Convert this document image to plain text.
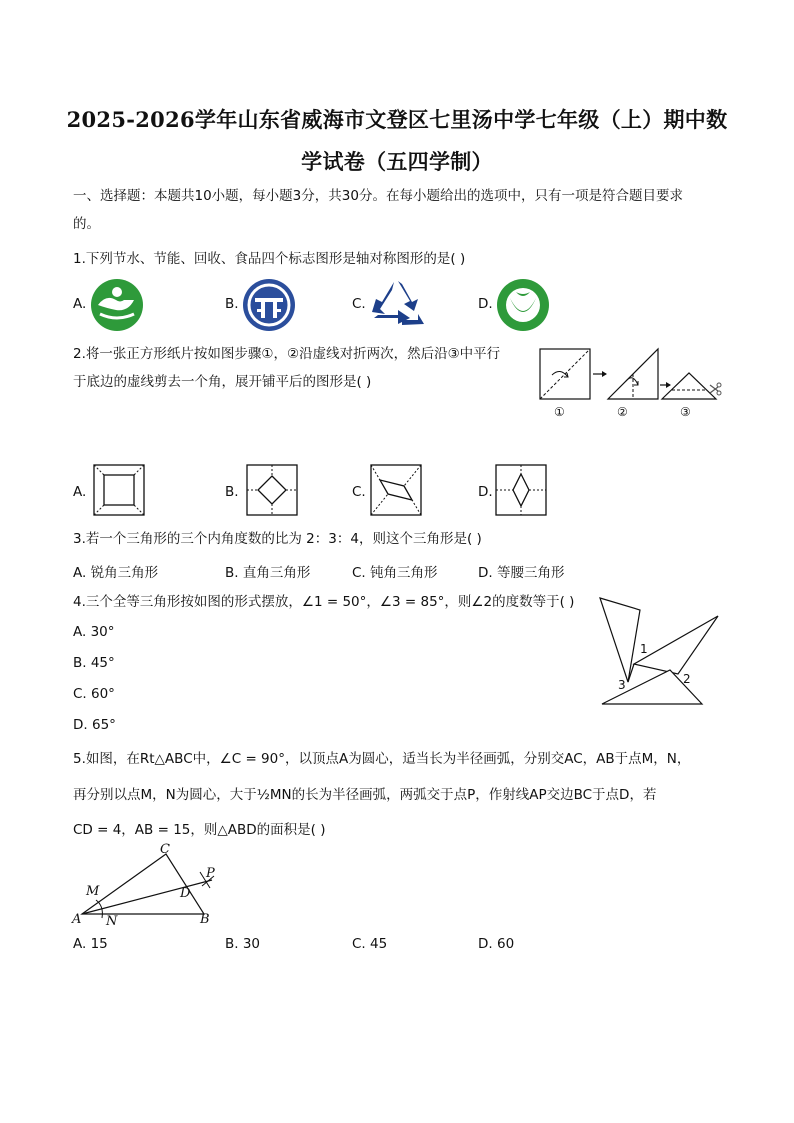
2025-2026学年山东省威海市文登区七里汤中学七年级（上）期中数
学试卷（五四学制）
一、选择题：本题共10小题，每小题3分，共30分。在每小题给出的选项中，只有一项是符合题目要求
的。
1.下列节水、节能、回收、食品四个标志图形是轴对称图形的是( )
A.	B.	C.	D.
2.将一张正方形纸片按如图步骤①，②沿虚线对折两次，然后沿③中平行
于底边的虚线剪去一个角，展开铺平后的图形是( )
①	②	③
A.	B.	C.	D.
3.若一个三角形的三个内角度数的比为 2：3：4，则这个三角形是( )
A. 锐角三角形	B. 直角三角形	C. 钝角三角形	D. 等腰三角形
4.三个全等三角形按如图的形式摆放，∠1 = 50°，∠3 = 85°，则∠2的度数等于( )
A. 30°
B. 45°
C. 60°
D. 65°
1
2
3
5.如图，在Rt△ABC中，∠C = 90°，以顶点A为圆心，适当长为半径画弧，分别交AC，AB于点M，N，
再分别以点M，N为圆心，大于½MN的长为半径画弧，两弧交于点P，作射线AP交边BC于点D，若
CD = 4，AB = 15，则△ABD的面积是( )
C
P
M	D
A N	B
A. 15	B. 30	C. 45	D. 60
